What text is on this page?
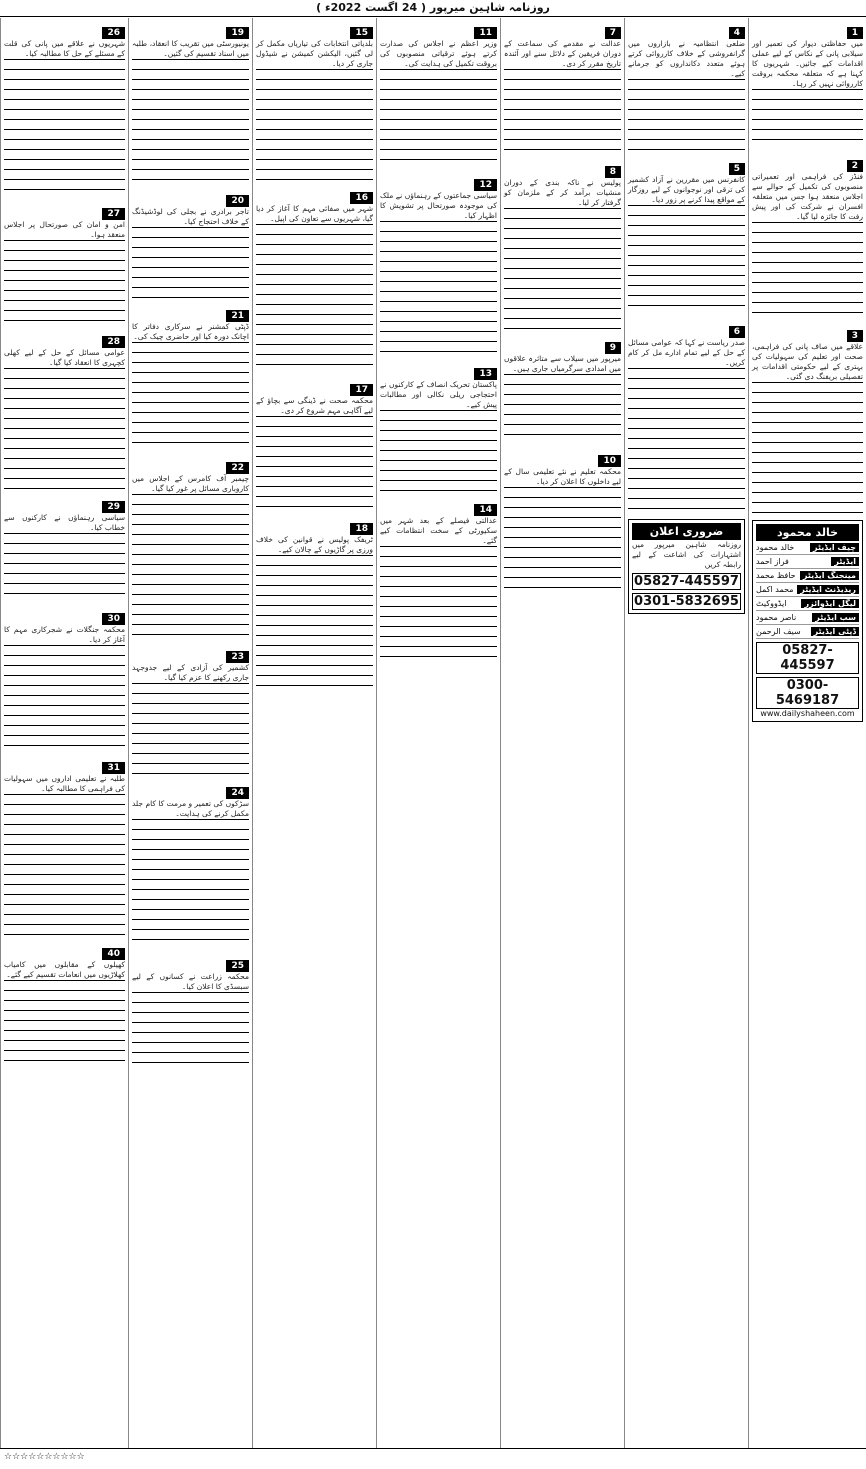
روزنامہ شاہین میرپور ( 24 اگست 2022ء )
1
میں حفاظتی دیوار کی تعمیر اور سیلابی پانی کے نکاس کے لیے عملی اقدامات کیے جائیں۔ شہریوں کا کہنا ہے کہ متعلقہ محکمہ بروقت کارروائی نہیں کر رہا۔
2
فنڈز کی فراہمی اور تعمیراتی منصوبوں کی تکمیل کے حوالے سے اجلاس منعقد ہوا جس میں متعلقہ افسران نے شرکت کی اور پیش رفت کا جائزہ لیا گیا۔
3
علاقے میں صاف پانی کی فراہمی، صحت اور تعلیم کی سہولیات کی بہتری کے لیے حکومتی اقدامات پر تفصیلی بریفنگ دی گئی۔
خالد محمود
چیف ایڈیٹر
خالد محمود
ایڈیٹر
فراز احمد
مینجنگ ایڈیٹر
حافظ محمد
ریذیڈنٹ ایڈیٹر
محمد اکمل
لیگل ایڈوائزر
ایڈووکیٹ
سب ایڈیٹر
ناصر محمود
ڈپٹی ایڈیٹر
سیف الرحمن
05827-445597
0300-5469187
www.dailyshaheen.com
4
ضلعی انتظامیہ نے بازاروں میں گرانفروشی کے خلاف کارروائی کرتے ہوئے متعدد دکانداروں کو جرمانے کیے۔
5
کانفرنس میں مقررین نے آزاد کشمیر کی ترقی اور نوجوانوں کے لیے روزگار کے مواقع پیدا کرنے پر زور دیا۔
6
صدر ریاست نے کہا کہ عوامی مسائل کے حل کے لیے تمام ادارے مل کر کام کریں۔
ضروری اعلان
روزنامہ شاہین میرپور میں اشتہارات کی اشاعت کے لیے رابطہ کریں
05827-445597
0301-5832695
7
عدالت نے مقدمے کی سماعت کے دوران فریقین کے دلائل سنے اور آئندہ تاریخ مقرر کر دی۔
8
پولیس نے ناکہ بندی کے دوران منشیات برآمد کر کے ملزمان کو گرفتار کر لیا۔
9
میرپور میں سیلاب سے متاثرہ علاقوں میں امدادی سرگرمیاں جاری ہیں۔
10
محکمہ تعلیم نے نئے تعلیمی سال کے لیے داخلوں کا اعلان کر دیا۔
11
وزیر اعظم نے اجلاس کی صدارت کرتے ہوئے ترقیاتی منصوبوں کی بروقت تکمیل کی ہدایت کی۔
12
سیاسی جماعتوں کے رہنماؤں نے ملک کی موجودہ صورتحال پر تشویش کا اظہار کیا۔
13
پاکستان تحریک انصاف کے کارکنوں نے احتجاجی ریلی نکالی اور مطالبات پیش کیے۔
14
عدالتی فیصلے کے بعد شہر میں سکیورٹی کے سخت انتظامات کیے گئے۔
15
بلدیاتی انتخابات کی تیاریاں مکمل کر لی گئیں، الیکشن کمیشن نے شیڈول جاری کر دیا۔
16
شہر میں صفائی مہم کا آغاز کر دیا گیا، شہریوں سے تعاون کی اپیل۔
17
محکمہ صحت نے ڈینگی سے بچاؤ کے لیے آگاہی مہم شروع کر دی۔
18
ٹریفک پولیس نے قوانین کی خلاف ورزی پر گاڑیوں کے چالان کیے۔
19
یونیورسٹی میں تقریب کا انعقاد، طلبہ میں اسناد تقسیم کی گئیں۔
20
تاجر برادری نے بجلی کی لوڈشیڈنگ کے خلاف احتجاج کیا۔
21
ڈپٹی کمشنر نے سرکاری دفاتر کا اچانک دورہ کیا اور حاضری چیک کی۔
22
چیمبر آف کامرس کے اجلاس میں کاروباری مسائل پر غور کیا گیا۔
23
کشمیر کی آزادی کے لیے جدوجہد جاری رکھنے کا عزم کیا گیا۔
24
سڑکوں کی تعمیر و مرمت کا کام جلد مکمل کرنے کی ہدایت۔
25
محکمہ زراعت نے کسانوں کے لیے سبسڈی کا اعلان کیا۔
26
شہریوں نے علاقے میں پانی کی قلت کے مسئلے کے حل کا مطالبہ کیا۔
27
امن و امان کی صورتحال پر اجلاس منعقد ہوا۔
28
عوامی مسائل کے حل کے لیے کھلی کچہری کا انعقاد کیا گیا۔
29
سیاسی رہنماؤں نے کارکنوں سے خطاب کیا۔
30
محکمہ جنگلات نے شجرکاری مہم کا آغاز کر دیا۔
31
طلبہ نے تعلیمی اداروں میں سہولیات کی فراہمی کا مطالبہ کیا۔
40
کھیلوں کے مقابلوں میں کامیاب کھلاڑیوں میں انعامات تقسیم کیے گئے۔
☆☆☆☆☆☆☆☆☆☆
